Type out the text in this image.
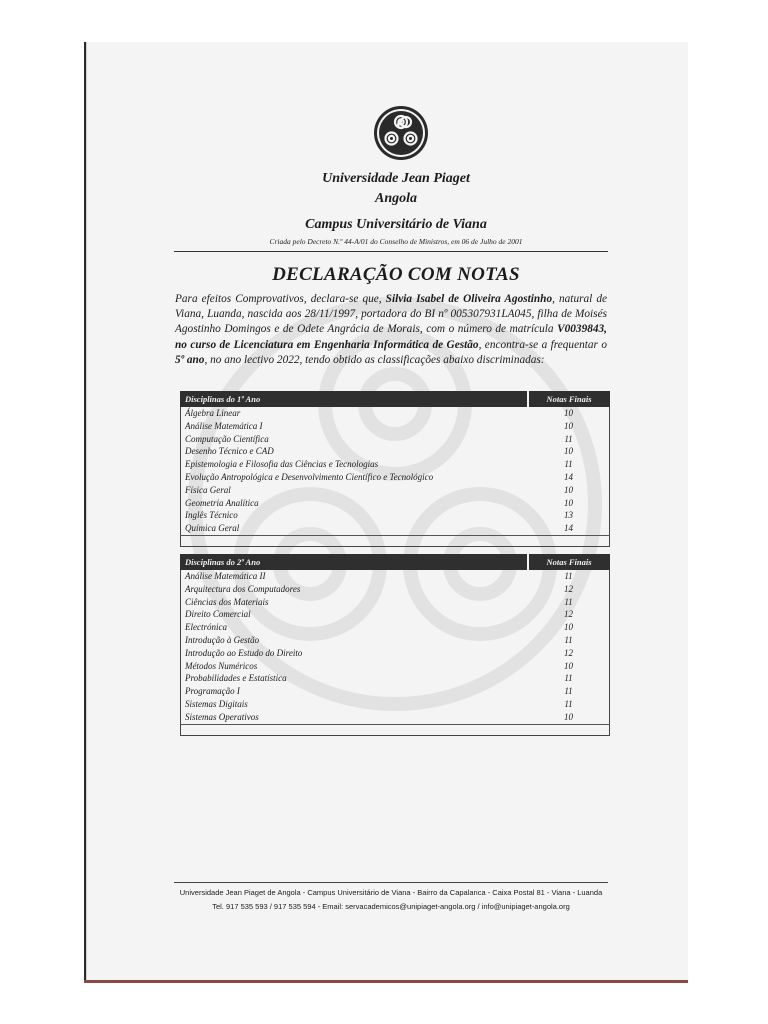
Universidade Jean Piaget
Angola
Campus Universitário de Viana
Criada pelo Decreto N.º 44-A/01 do Conselho de Ministros, em 06 de Julho de 2001
DECLARAÇÃO COM NOTAS
Para efeitos Comprovativos, declara-se que, Silvia Isabel de Oliveira Agostinho, natural de Viana, Luanda, nascida aos 28/11/1997, portadora do BI nº 005307931LA045, filha de Moisés Agostinho Domingos e de Odete Angrácia de Morais, com o número de matrícula V0039843, no curso de Licenciatura em Engenharia Informática de Gestão, encontra-se a frequentar o 5º ano, no ano lectivo 2022, tendo obtido as classificações abaixo discriminadas:
Disciplinas do 1º Ano	Notas Finais
Álgebra Linear	10
Análise Matemática I	10
Computação Científica	11
Desenho Técnico e CAD	10
Epistemologia e Filosofia das Ciências e Tecnologias	11
Evolução Antropológica e Desenvolvimento Científico e Tecnológico	14
Física Geral	10
Geometria Analítica	10
Inglês Técnico	13
Química Geral	14

Disciplinas do 2º Ano	Notas Finais
Análise Matemática II	11
Arquitectura dos Computadores	12
Ciências dos Materiais	11
Direito Comercial	12
Electrónica	10
Introdução à Gestão	11
Introdução ao Estudo do Direito	12
Métodos Numéricos	10
Probabilidades e Estatística	11
Programação I	11
Sistemas Digitais	11
Sistemas Operativos	10

Universidade Jean Piaget de Angola - Campus Universitário de Viana - Bairro da Capalanca - Caixa Postal 81 - Viana - Luanda
Tel. 917 535 593 / 917 535 594 - Email: servacademicos@unipiaget-angola.org / info@unipiaget-angola.org
